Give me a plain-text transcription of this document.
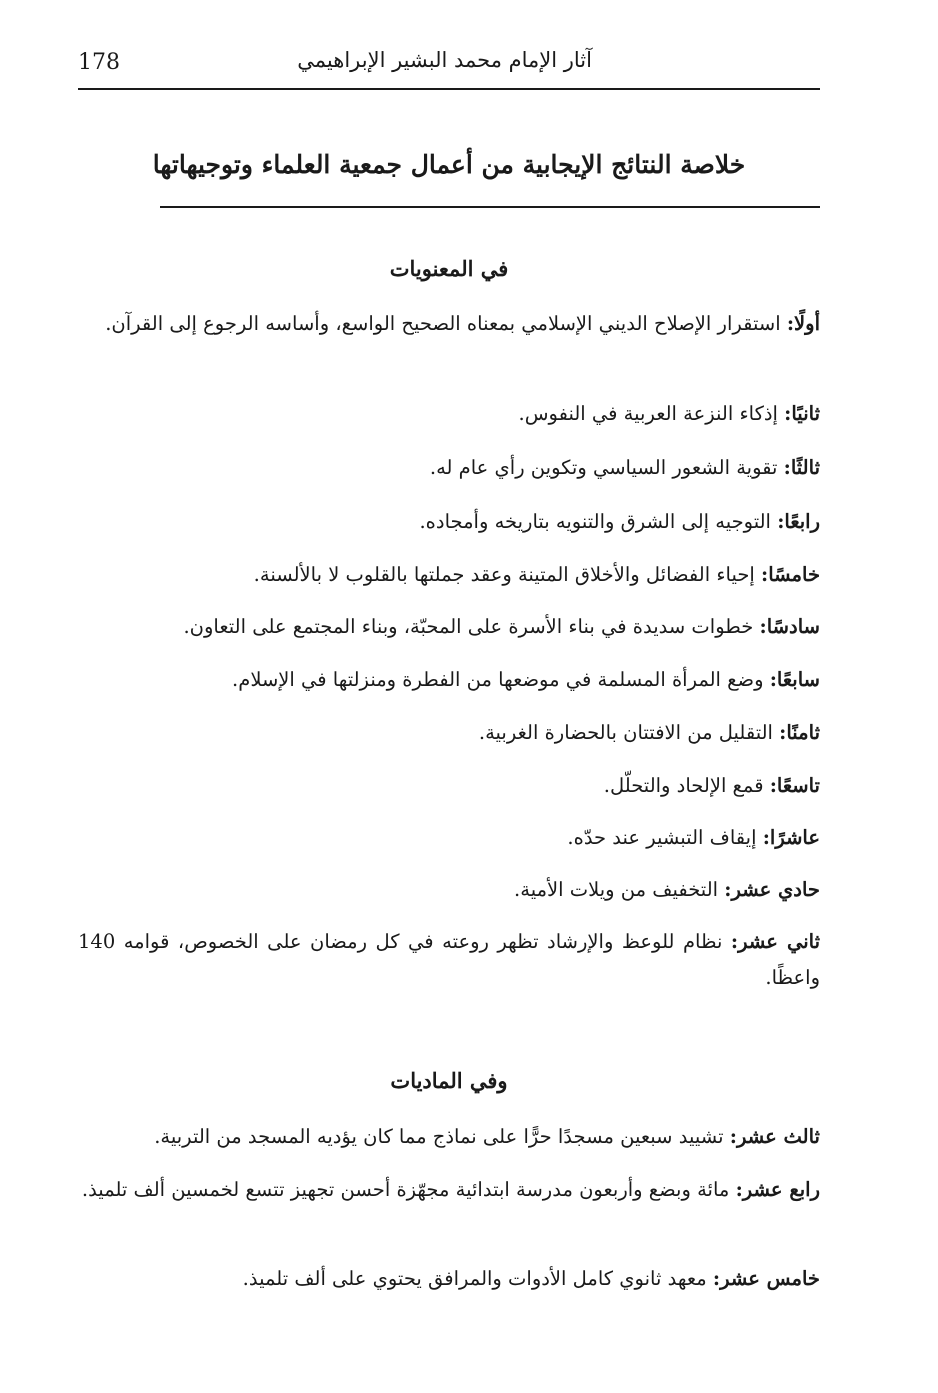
178	آثار الإمام محمد البشير الإبراهيمي
خلاصة النتائج الإيجابية من أعمال جمعية العلماء وتوجيهاتها
في المعنويات
أولًا: استقرار الإصلاح الديني الإسلامي بمعناه الصحيح الواسع، وأساسه الرجوع إلى القرآن.
ثانيًا: إذكاء النزعة العربية في النفوس.
ثالثًا: تقوية الشعور السياسي وتكوين رأي عام له.
رابعًا: التوجيه إلى الشرق والتنويه بتاريخه وأمجاده.
خامسًا: إحياء الفضائل والأخلاق المتينة وعقد جملتها بالقلوب لا بالألسنة.
سادسًا: خطوات سديدة في بناء الأسرة على المحبّة، وبناء المجتمع على التعاون.
سابعًا: وضع المرأة المسلمة في موضعها من الفطرة ومنزلتها في الإسلام.
ثامنًا: التقليل من الافتتان بالحضارة الغربية.
تاسعًا: قمع الإلحاد والتحلّل.
عاشرًا: إيقاف التبشير عند حدّه.
حادي عشر: التخفيف من ويلات الأمية.
ثاني عشر: نظام للوعظ والإرشاد تظهر روعته في كل رمضان على الخصوص، قوامه 140 واعظًا.
وفي الماديات
ثالث عشر: تشييد سبعين مسجدًا حرًّا على نماذج مما كان يؤديه المسجد من التربية.
رابع عشر: مائة وبضع وأربعون مدرسة ابتدائية مجهّزة أحسن تجهيز تتسع لخمسين ألف تلميذ.
خامس عشر: معهد ثانوي كامل الأدوات والمرافق يحتوي على ألف تلميذ.
